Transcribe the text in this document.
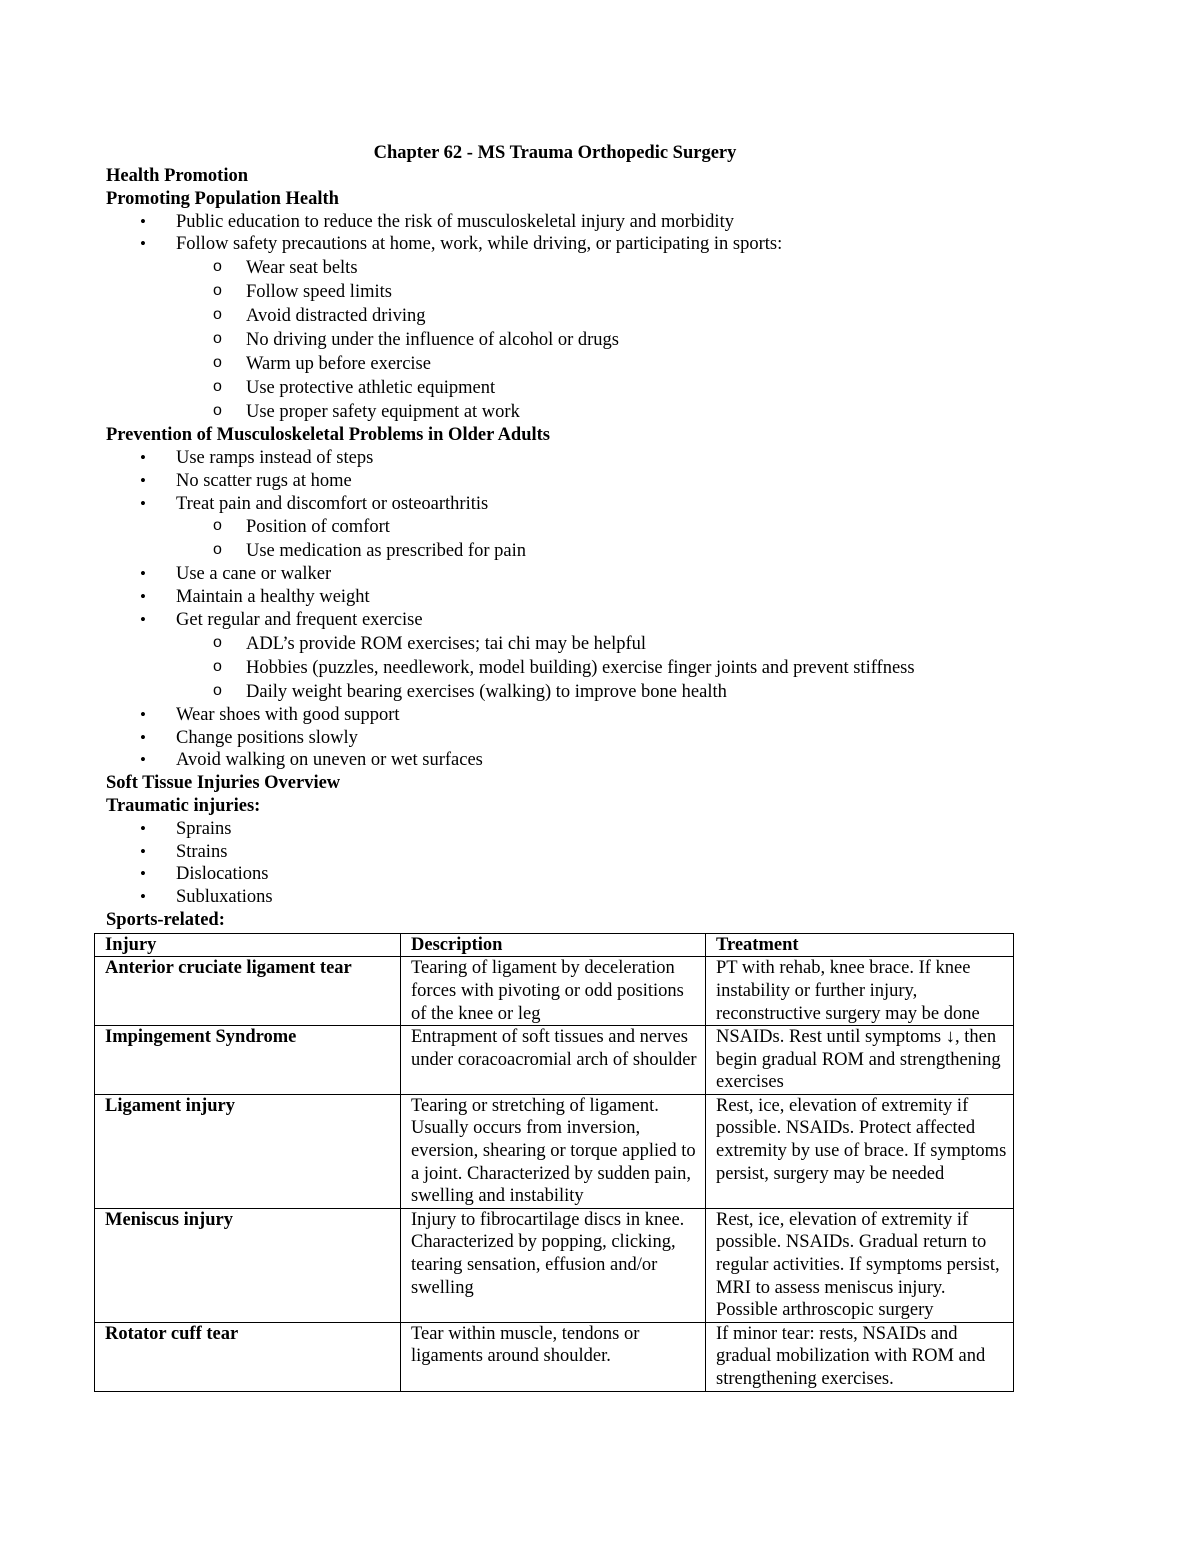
Chapter 62 - MS Trauma Orthopedic Surgery
Health Promotion
Promoting Population Health
• Public education to reduce the risk of musculoskeletal injury and morbidity
• Follow safety precautions at home, work, while driving, or participating in sports:
o Wear seat belts
o Follow speed limits
o Avoid distracted driving
o No driving under the influence of alcohol or drugs
o Warm up before exercise
o Use protective athletic equipment
o Use proper safety equipment at work
Prevention of Musculoskeletal Problems in Older Adults
• Use ramps instead of steps
• No scatter rugs at home
• Treat pain and discomfort or osteoarthritis
o Position of comfort
o Use medication as prescribed for pain
• Use a cane or walker
• Maintain a healthy weight
• Get regular and frequent exercise
o ADL’s provide ROM exercises; tai chi may be helpful
o Hobbies (puzzles, needlework, model building) exercise finger joints and prevent stiffness
o Daily weight bearing exercises (walking) to improve bone health
• Wear shoes with good support
• Change positions slowly
• Avoid walking on uneven or wet surfaces
Soft Tissue Injuries Overview
Traumatic injuries:
• Sprains
• Strains
• Dislocations
• Subluxations
Sports-related:
Injury	Description	Treatment
Anterior cruciate ligament tear	Tearing of ligament by deceleration forces with pivoting or odd positions of the knee or leg	PT with rehab, knee brace. If knee instability or further injury, reconstructive surgery may be done
Impingement Syndrome	Entrapment of soft tissues and nerves under coracoacromial arch of shoulder	NSAIDs. Rest until symptoms ↓, then begin gradual ROM and strengthening exercises
Ligament injury	Tearing or stretching of ligament. Usually occurs from inversion, eversion, shearing or torque applied to a joint. Characterized by sudden pain, swelling and instability	Rest, ice, elevation of extremity if possible. NSAIDs. Protect affected extremity by use of brace. If symptoms persist, surgery may be needed
Meniscus injury	Injury to fibrocartilage discs in knee. Characterized by popping, clicking, tearing sensation, effusion and/or swelling	Rest, ice, elevation of extremity if possible. NSAIDs. Gradual return to regular activities. If symptoms persist, MRI to assess meniscus injury. Possible arthroscopic surgery
Rotator cuff tear	Tear within muscle, tendons or ligaments around shoulder.	If minor tear: rests, NSAIDs and gradual mobilization with ROM and strengthening exercises.
